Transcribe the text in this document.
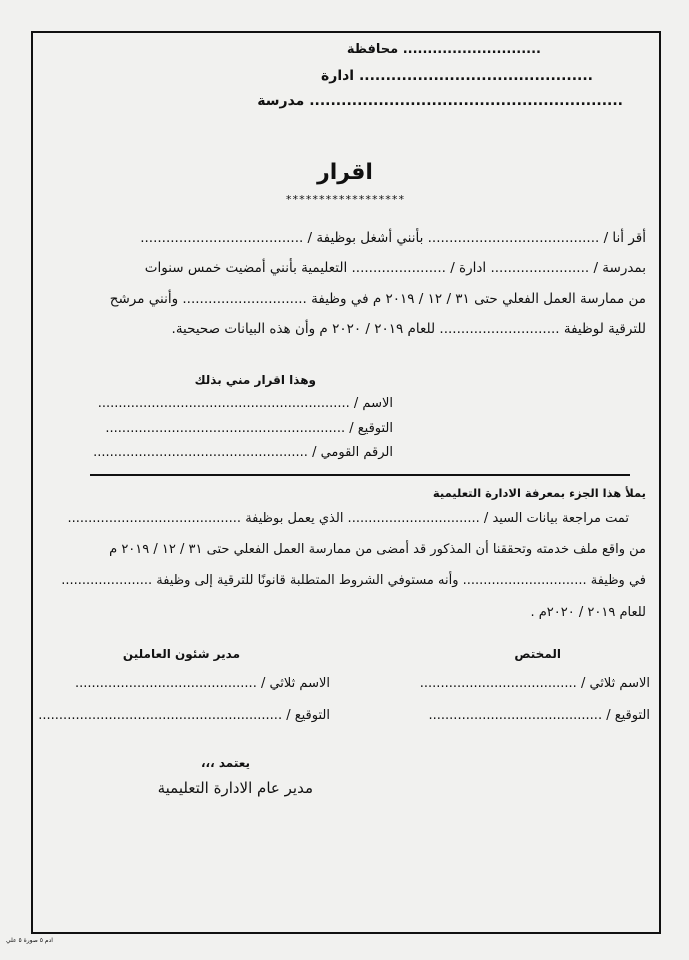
............................ محافظة
............................................ ادارة
........................................................... مدرسة
اقرار
******************
أقر أنا / ........................................ بأنني أشغل بوظيفة / ......................................
بمدرسة / ....................... ادارة / ...................... التعليمية بأنني أمضيت خمس سنوات
من ممارسة العمل الفعلي حتى ٣١ / ١٢ / ٢٠١٩ م في وظيفة ............................. وأنني مرشح
للترقية لوظيفة ............................ للعام ٢٠١٩ / ٢٠٢٠ م وأن هذه البيانات صحيحية.
وهذا اقرار مني بذلك
الاسم / .............................................................
التوقيع / ..........................................................
الرقم القومي / ....................................................
يملأ هذا الجزء بمعرفة الادارة التعليمية
تمت مراجعة بيانات السيد / ................................ الذي يعمل بوظيفة ..........................................
من واقع ملف خدمته وتحققنا أن المذكور قد أمضى من ممارسة العمل الفعلي حتى ٣١ / ١٢ / ٢٠١٩ م
في وظيفة .............................. وأنه مستوفي الشروط المتطلبة قانونًا للترقية إلى وظيفة ......................
للعام ٢٠١٩ / ٢٠٢٠م .
المختص
مدير شئون العاملين
الاسم ثلاثي / ......................................
التوقيع / ..........................................
الاسم ثلاثي / ............................................
التوقيع / ...........................................................
يعتمد ،،،
مدير عام الادارة التعليمية
ادم ٥ صورة ٥ علي
